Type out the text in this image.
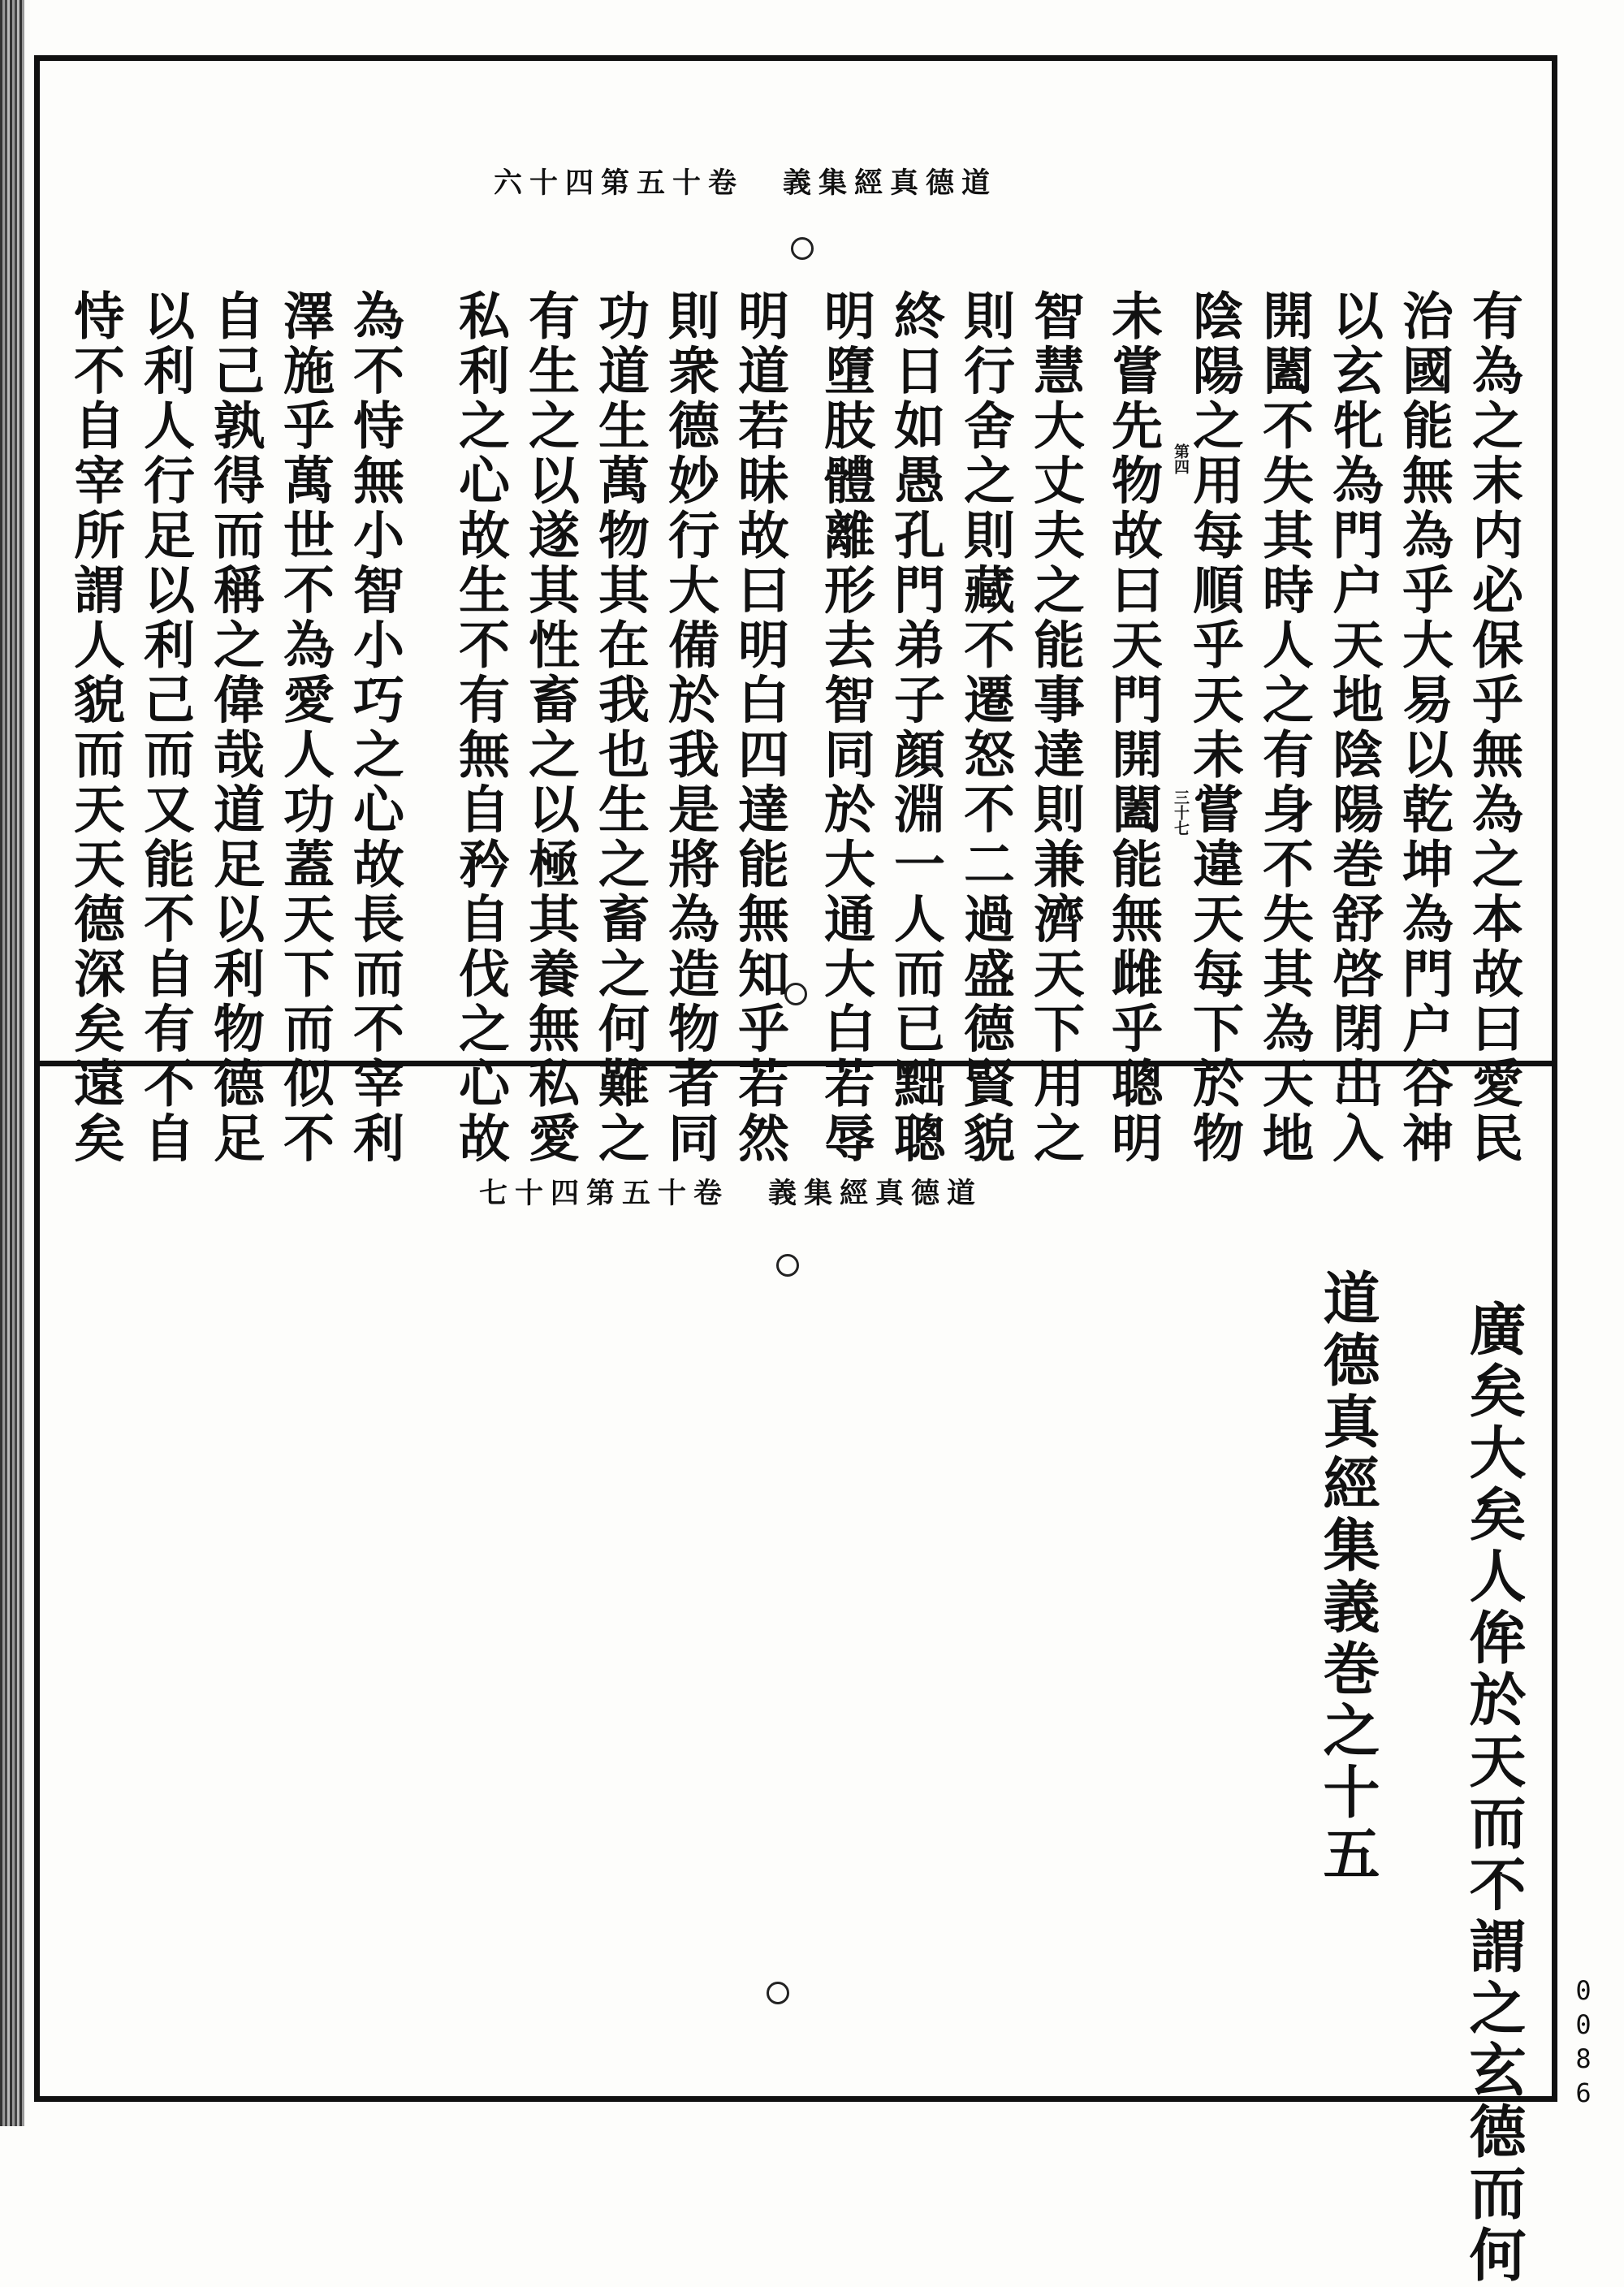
六十四第五十卷 義集經真德道
有為之末内必保乎無為之本故曰愛民
治國能無為乎大易以乾坤為門户谷神
以玄牝為門户天地陰陽巻舒啓閉出入
開闔不失其時人之有身不失其為天地
陰陽之用每順乎天未嘗違天每下於物
第四
三十七
未嘗先物故曰天門開闔能無雌乎聰明
智慧大丈夫之能事達則兼濟天下用之
則行舍之則藏不遷怒不二過盛德賢貌
終日如愚孔門弟子顔淵一人而已黜聰
明墮肢體離形去智同於大通大白若辱
明道若昧故曰明白四達能無知乎若然
則衆德妙行大備於我是將為造物者同
功道生萬物其在我也生之畜之何難之
有生之以遂其性畜之以極其養無私愛
私利之心故生不有無自矜自伐之心故
為不恃無小智小巧之心故長而不宰利
澤施乎萬世不為愛人功蓋天下而似不
自己孰得而稱之偉哉道足以利物德足
以利人行足以利己而又能不自有不自
恃不自宰所謂人貌而天天德深矣遠矣
七十四第五十卷 義集經真德道
廣矣大矣人侔於天而不謂之玄德而何
道德真經集義巻之十五
0086
